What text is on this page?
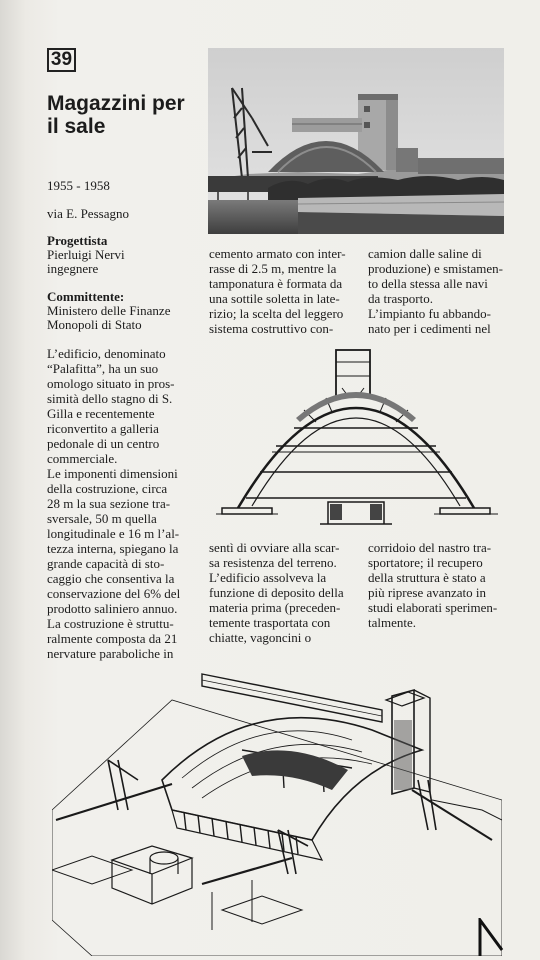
39
Magazzini per
il sale
1955 - 1958
via E. Pessagno
Progettista
Pierluigi Nervi
ingegnere
Committente:
Ministero delle Finanze
Monopoli di Stato
L’edificio, denominato
“Palafitta”, ha un suo
omologo situato in pros-
simità dello stagno di S.
Gilla e recentemente
riconvertito a galleria
pedonale di un centro
commerciale.
Le imponenti dimensioni
della costruzione, circa
28 m la sua sezione tra-
sversale, 50 m quella
longitudinale e 16 m l’al-
tezza interna, spiegano la
grande capacità di sto-
caggio che consentiva la
conservazione del 6% del
prodotto saliniero annuo.
La costruzione è struttu-
ralmente composta da 21
nervature paraboliche in
cemento armato con inter-
rasse di 2.5 m, mentre la
tamponatura è formata da
una sottile soletta in late-
rizio; la scelta del leggero
sistema costruttivo con-
camion dalle saline di
produzione) e smistamen-
to della stessa alle navi
da trasporto.
L’impianto fu abbando-
nato per i cedimenti nel
sentì di ovviare alla scar-
sa resistenza del terreno.
L’edificio assolveva la
funzione di deposito della
materia prima (preceden-
temente trasportata con
chiatte, vagoncini o
corridoio del nastro tra-
sportatore; il recupero
della struttura è stato a
più riprese avanzato in
studi elaborati sperimen-
talmente.
